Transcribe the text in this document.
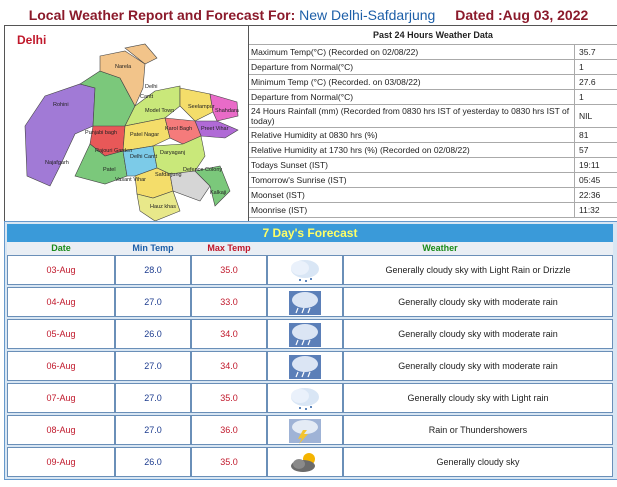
Local Weather Report and Forecast For: New Delhi-Safdarjung Dated :Aug 03, 2022
Narela
Rohini
Delhi
Cantt
Model Town
Seelampur
Shahdara
Punjabi bagh Patel Nagar
Karol Bagh Preet Vihar
Rajouri Garden
Delhi Cantt
Daryaganj
Najafgarh
Patel
Vasant Vihar
Safdarjung
Defence Colony
Hauz khas
Kalkaji
Delhi	Past 24 Hours Weather Data
Maximum Temp(°C) (Recorded on 02/08/22)	35.7
Departure from Normal(°C)	1
Minimum Temp (°C) (Recorded. on 03/08/22)	27.6
Departure from Normal(°C)	1
24 Hours Rainfall (mm) (Recorded from 0830 hrs IST of yesterday to 0830 hrs IST of today)	NIL
Relative Humidity at 0830 hrs (%)	81
Relative Humidity at 1730 hrs (%) (Recorded on 02/08/22)	57
Todays Sunset (IST)	19:11
Tomorrow's Sunrise (IST)	05:45
Moonset (IST)	22:36
Moonrise (IST)	11:32
7 Day's Forecast
Date	Min Temp	Max Temp	Weather
03-Aug	28.0	35.0	Generally cloudy sky with Light Rain or Drizzle
04-Aug	27.0	33.0	Generally cloudy sky with moderate rain
05-Aug	26.0	34.0	Generally cloudy sky with moderate rain
06-Aug	27.0	34.0	Generally cloudy sky with moderate rain
07-Aug	27.0	35.0	Generally cloudy sky with Light rain
08-Aug	27.0	36.0	Rain or Thundershowers
09-Aug	26.0	35.0	Generally cloudy sky
